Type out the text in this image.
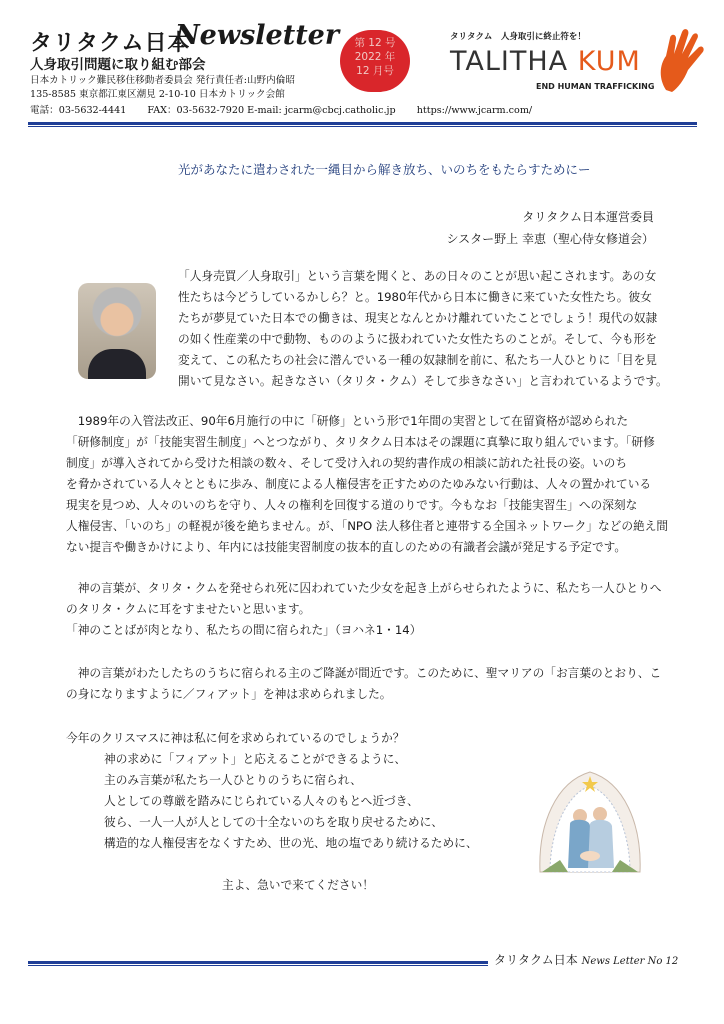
タリタクム日本
Newsletter
人身取引問題に取り組む部会
日本カトリック難民移住移動者委員会 発行責任者:山野内倫昭
135-8585 東京都江東区潮見 2-10-10 日本カトリック会館
電話：03-5632-4441 FAX：03-5632-7920 E-mail: jcarm@cbcj.catholic.jp https://www.jcarm.com/
第 12 号
2022 年
12 月号
タリタクム　人身取引に終止符を！
TALITHA KUM
END HUMAN TRAFFICKING
光があなたに遣わされた一縄目から解き放ち、いのちをもたらすためにー
タリタクム日本運営委員
シスター野上 幸恵（聖心侍女修道会）

「人身売買／人身取引」という言葉を聞くと、あの日々のことが思い起こされます。あの女

性たちは今どうしているかしら？と。1980年代から日本に働きに来ていた女性たち。彼女

たちが夢見ていた日本での働きは、現実となんとかけ離れていたことでしょう！現代の奴隷

の如く性産業の中で動物、もののように扱われていた女性たちのことが。そして、今も形を

変えて、この私たちの社会に潜んでいる一種の奴隷制を前に、私たち一人ひとりに「目を見

開いて見なさい。起きなさい（タリタ・クム）そして歩きなさい」と言われているようです。

　1989年の入管法改正、90年6月施行の中に「研修」という形で1年間の実習として在留資格が認められた

「研修制度」が「技能実習生制度」へとつながり、タリタクム日本はその課題に真摯に取り組んでいます。「研修

制度」が導入されてから受けた相談の数々、そして受け入れの契約書作成の相談に訪れた社長の姿。いのち

を脅かされている人々とともに歩み、制度による人権侵害を正すためのたゆみない行動は、人々の置かれている

現実を見つめ、人々のいのちを守り、人々の権利を回復する道のりです。今もなお「技能実習生」への深刻な

人権侵害、「いのち」の軽視が後を絶ちません。が、「NPO 法人移住者と連帯する全国ネットワーク」などの絶え間

ない提言や働きかけにより、年内には技能実習制度の抜本的直しのための有識者会議が発足する予定です。

　神の言葉が、タリタ・クムを発せられ死に囚われていた少女を起き上がらせられたように、私たち一人ひとりへ

のタリタ・クムに耳をすませたいと思います。

「神のことばが肉となり、私たちの間に宿られた」（ヨハネ1・14）

　神の言葉がわたしたちのうちに宿られる主のご降誕が間近です。このために、聖マリアの「お言葉のとおり、こ

の身になりますように／フィアット」を神は求められました。

今年のクリスマスに神は私に何を求められているのでしょうか？

神の求めに「フィアット」と応えることができるように、

主のみ言葉が私たち一人ひとりのうちに宿られ、

人としての尊厳を踏みにじられている人々のもとへ近づき、

彼ら、一人一人が人としての十全ないのちを取り戻せるために、

構造的な人権侵害をなくすため、世の光、地の塩であり続けるために、

主よ、急いで来てください！
タリタクム日本 News Letter No 12
